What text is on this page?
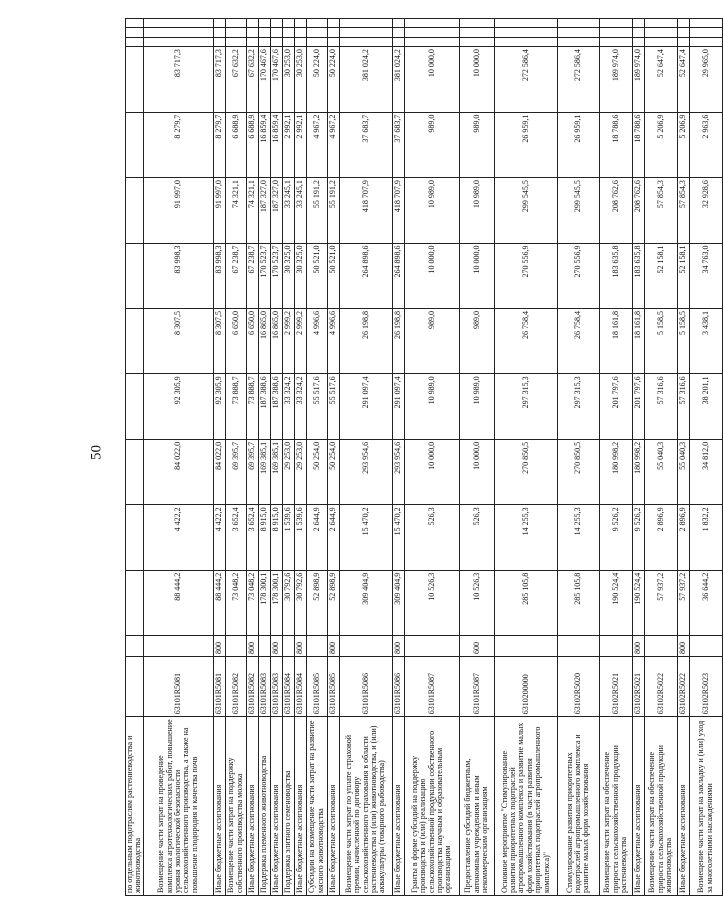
50
по отдельным подотраслям растениеводства и животноводства														
Возмещение части затрат на проведение комплекса агротехнологических работ, повышение уровня экологической безопасности сельскохозяйственного производства, а также на повышение плодородия и качества почв	63101R5081		88 444,2	4 422,2	84 022,0	92 305,9	8 307,5	83 998,3	91 997,0	8 279,7	83 717,3			
Иные бюджетные ассигнования	63101R5081	800	88 444,2	4 422,2	84 022,0	92 305,9	8 307,5	83 998,3	91 997,0	8 279,7	83 717,3			
Возмещение части затрат на поддержку собственного производства молока	63101R5082		73 048,2	3 652,4	69 395,7	73 888,7	6 650,0	67 238,7	74 321,1	6 688,9	67 632,2			
Иные бюджетные ассигнования	63101R5082	800	73 048,2	3 652,4	69 395,7	73 888,7	6 650,0	67 238,7	74 321,1	6 688,9	67 632,2			
Поддержка племенного животноводства	63101R5083		178 300,1	8 915,0	169 385,1	187 388,6	16 865,0	170 523,7	187 327,0	16 859,4	170 467,6			
Иные бюджетные ассигнования	63101R5083	800	178 300,1	8 915,0	169 385,1	187 388,6	16 865,0	170 523,7	187 327,0	16 859,4	170 467,6			
Поддержка элитного семеноводства	63101R5084		30 792,6	1 539,6	29 253,0	33 324,2	2 999,2	30 325,0	33 245,1	2 992,1	30 253,0			
Иные бюджетные ассигнования	63101R5084	800	30 792,6	1 539,6	29 253,0	33 324,2	2 999,2	30 325,0	33 245,1	2 992,1	30 253,0			
Субсидии на возмещение части затрат на развитие мясного животноводства	63101R5085		52 898,9	2 644,9	50 254,0	55 517,6	4 996,6	50 521,0	55 191,2	4 967,2	50 224,0			
Иные бюджетные ассигнования	63101R5085	800	52 898,9	2 644,9	50 254,0	55 517,6	4 996,6	50 521,0	55 191,2	4 967,2	50 224,0			
Возмещение части затрат по уплате страховой премии, начисленной по договору сельскохозяйственного страхования в области растениеводства и (или) животноводства, и (или) аквакультуры (товарного рыбоводства)	63101R5086		309 404,9	15 470,2	293 954,6	291 097,4	26 198,8	264 898,6	418 707,9	37 683,7	381 024,2			
Иные бюджетные ассигнования	63101R5086	800	309 404,9	15 470,2	293 954,6	291 097,4	26 198,8	264 898,6	418 707,9	37 683,7	381 024,2			
Гранты в форме субсидий на поддержку производства и (или) реализацию сельскохозяйственной продукции собственного производства научным и образовательным организациям	63101R5087		10 526,3	526,3	10 000,0	10 989,0	989,0	10 000,0	10 989,0	989,0	10 000,0			
Предоставление субсидий бюджетным, автономным учреждениям и иным некоммерческим организациям	63101R5087	600	10 526,3	526,3	10 000,0	10 989,0	989,0	10 000,0	10 989,0	989,0	10 000,0			
Основное мероприятие "Стимулирование развития приоритетных подотраслей агропромышленного комплекса и развитие малых форм хозяйствования (в части развития приоритетных подотраслей агропромышленного комплекса)"	6310200000		285 105,8	14 255,3	270 850,5	297 315,3	26 758,4	270 556,9	299 545,5	26 959,1	272 586,4			
Стимулирование развития приоритетных подотраслей агропромышленного комплекса и развитие малых форм хозяйствования	63102R5020		285 105,8	14 255,3	270 850,5	297 315,3	26 758,4	270 556,9	299 545,5	26 959,1	272 586,4			
Возмещение части затрат на обеспечение прироста сельскохозяйственной продукции растениеводства	63102R5021		190 524,4	9 526,2	180 998,2	201 797,6	18 161,8	183 635,8	208 762,6	18 788,6	189 974,0			
Иные бюджетные ассигнования	63102R5021	800	190 524,4	9 526,2	180 998,2	201 797,6	18 161,8	183 635,8	208 762,6	18 788,6	189 974,0			
Возмещение части затрат на обеспечение прироста сельскохозяйственной продукции животноводства	63102R5022		57 937,2	2 896,9	55 040,3	57 316,6	5 158,5	52 158,1	57 854,3	5 206,9	52 647,4			
Иные бюджетные ассигнования	63102R5022	800	57 937,2	2 896,9	55 040,3	57 316,6	5 158,5	52 158,1	57 854,3	5 206,9	52 647,4			
Возмещение части затрат на закладку и (или) уход за многолетними насаждениями	63102R5023		36 644,2	1 832,2	34 812,0	38 201,1	3 438,1	34 763,0	32 928,6	2 963,6	29 965,0			
